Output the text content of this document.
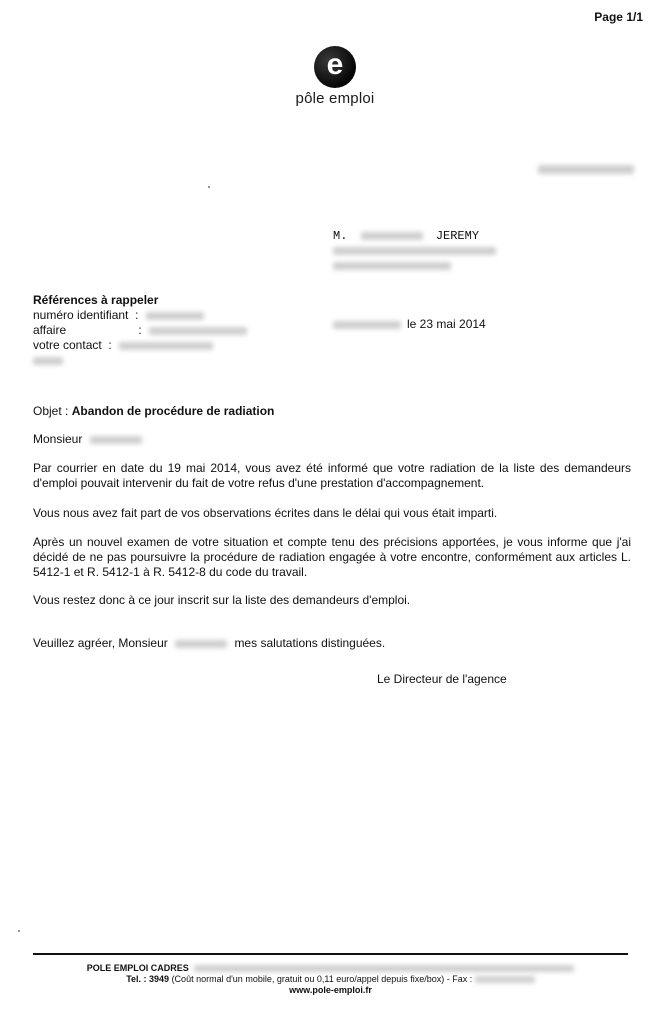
Page 1/1
e
pôle emploi
M.	JEREMY
Références à rappeler
numéro identifiant  :
affaire	:
votre contact  :
le 23 mai 2014
Objet : Abandon de procédure de radiation
Monsieur

Par courrier en date du 19 mai 2014, vous avez été informé que votre radiation de la liste des demandeurs d'emploi pouvait intervenir du fait de votre refus d'une prestation d'accompagnement.

Vous nous avez fait part de vos observations écrites dans le délai qui vous était imparti.

Après un nouvel examen de votre situation et compte tenu des précisions apportées, je vous informe que j'ai décidé de ne pas poursuivre la procédure de radiation engagée à votre encontre, conformément aux articles L. 5412-1 et R. 5412-1 à R. 5412-8 du code du travail.

Vous restez donc à ce jour inscrit sur la liste des demandeurs d'emploi.

Veuillez agréer, Monsieur	mes salutations distinguées.
Le Directeur de l'agence
POLE EMPLOI CADRES
Tel. : 3949 (Coût normal d'un mobile, gratuit ou 0,11 euro/appel depuis fixe/box) - Fax :
www.pole-emploi.fr
